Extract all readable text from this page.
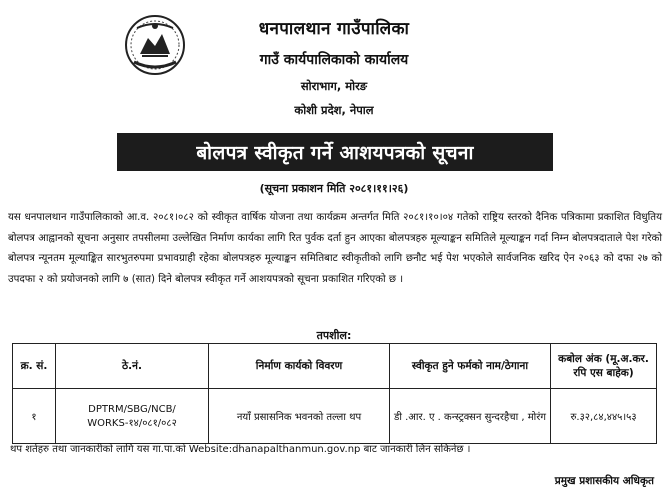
धनपालथान गाउँपालिका
गाउँ कार्यपालिकाको कार्यालय
सोराभाग, मोरङ
कोशी प्रदेश, नेपाल
बोलपत्र स्वीकृत गर्ने आशयपत्रको सूचना
(सूचना प्रकाशन मिति २०८१।११।२६)
यस धनपालथान गाउँपालिकाको आ.व. २०८१।०८२ को स्वीकृत वार्षिक योजना तथा कार्यक्रम अन्तर्गत मिति २०८१।१०।०४ गतेको राष्ट्रिय स्तरको दैनिक पत्रिकामा प्रकाशित विधुतिय बोलपत्र आह्वानको सूचना अनुसार तपसीलमा उल्लेखित निर्माण कार्यका लागि रित पुर्वक दर्ता हुन आएका बोलपत्रहरु मूल्याङ्कन समितिले मूल्याङ्कन गर्दा निम्न बोलपत्रदाताले पेश गरेको बोलपत्र न्यूनतम मूल्याङ्कित सारभुतरुपमा प्रभावग्राही रहेका बोलपत्रहरु मूल्याङ्कन समितिबाट स्वीकृतीको लागि छनौट भई पेश भएकोले सार्वजनिक खरिद ऐन २०६३ को दफा २७ को उपदफा २ को प्रयोजनको लागि ७ (सात) दिने बोलपत्र स्वीकृत गर्ने आशयपत्रको सूचना प्रकाशित गरिएको छ ।
तपशील:
क्र. सं.	ठे.नं.	निर्माण कार्यको विवरण	स्वीकृत हुने फर्मको नाम/ठेगाना	कबोल अंक (मू.अ.कर. रपि एस बाहेक)
१	DPTRM/SBG/NCB/ WORKS-१४/०८१/०८२	नयाँ प्रसासनिक भवनको तल्ला थप	डी .आर. ए . कन्स्ट्रक्सन सुन्दरहैचा , मोरंग	रु.३२,८४,४४५।५३
थप शर्तहरु तथा जानकारीको लागि यस गा.पा.को Website:dhanapalthanmun.gov.np बाट जानकारी लिन सकिनेछ ।
प्रमुख प्रशासकीय अधिकृत
